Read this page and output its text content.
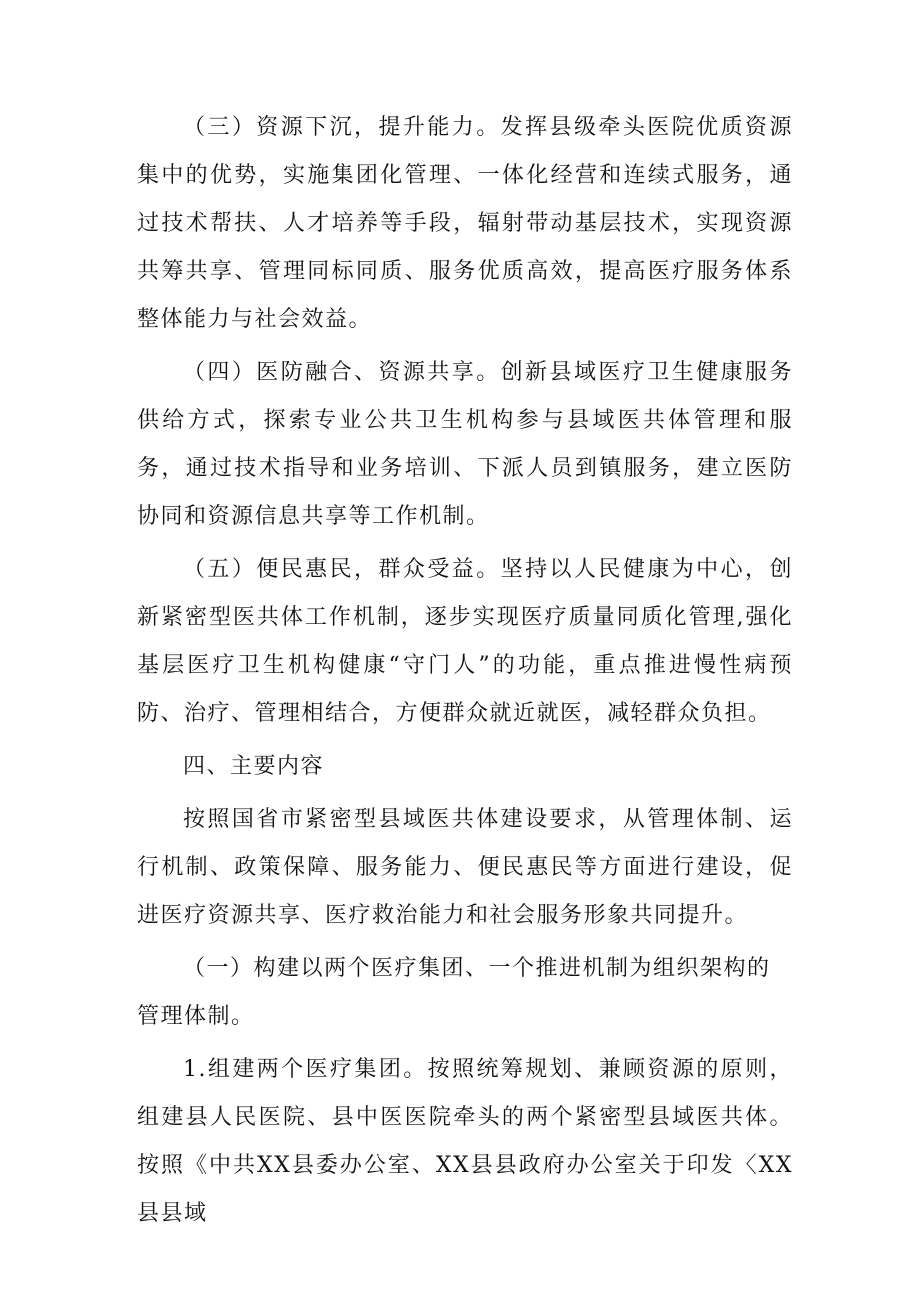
（三）资源下沉，提升能力。发挥县级牵头医院优质资源集中的优势，实施集团化管理、一体化经营和连续式服务，通过技术帮扶、人才培养等手段，辐射带动基层技术，实现资源共筹共享、管理同标同质、服务优质高效，提高医疗服务体系整体能力与社会效益。

（四）医防融合、资源共享。创新县域医疗卫生健康服务供给方式，探索专业公共卫生机构参与县域医共体管理和服务，通过技术指导和业务培训、下派人员到镇服务，建立医防协同和资源信息共享等工作机制。

（五）便民惠民，群众受益。坚持以人民健康为中心，创新紧密型医共体工作机制，逐步实现医疗质量同质化管理,强化基层医疗卫生机构健康“守门人”的功能，重点推进慢性病预防、治疗、管理相结合，方便群众就近就医，减轻群众负担。

四、主要内容

按照国省市紧密型县域医共体建设要求，从管理体制、运行机制、政策保障、服务能力、便民惠民等方面进行建设，促进医疗资源共享、医疗救治能力和社会服务形象共同提升。

（一）构建以两个医疗集团、一个推进机制为组织架构的管理体制。

1.组建两个医疗集团。按照统筹规划、兼顾资源的原则，组建县人民医院、县中医医院牵头的两个紧密型县域医共体。按照《中共XX县委办公室、XX县县政府办公室关于印发〈XX县县域
